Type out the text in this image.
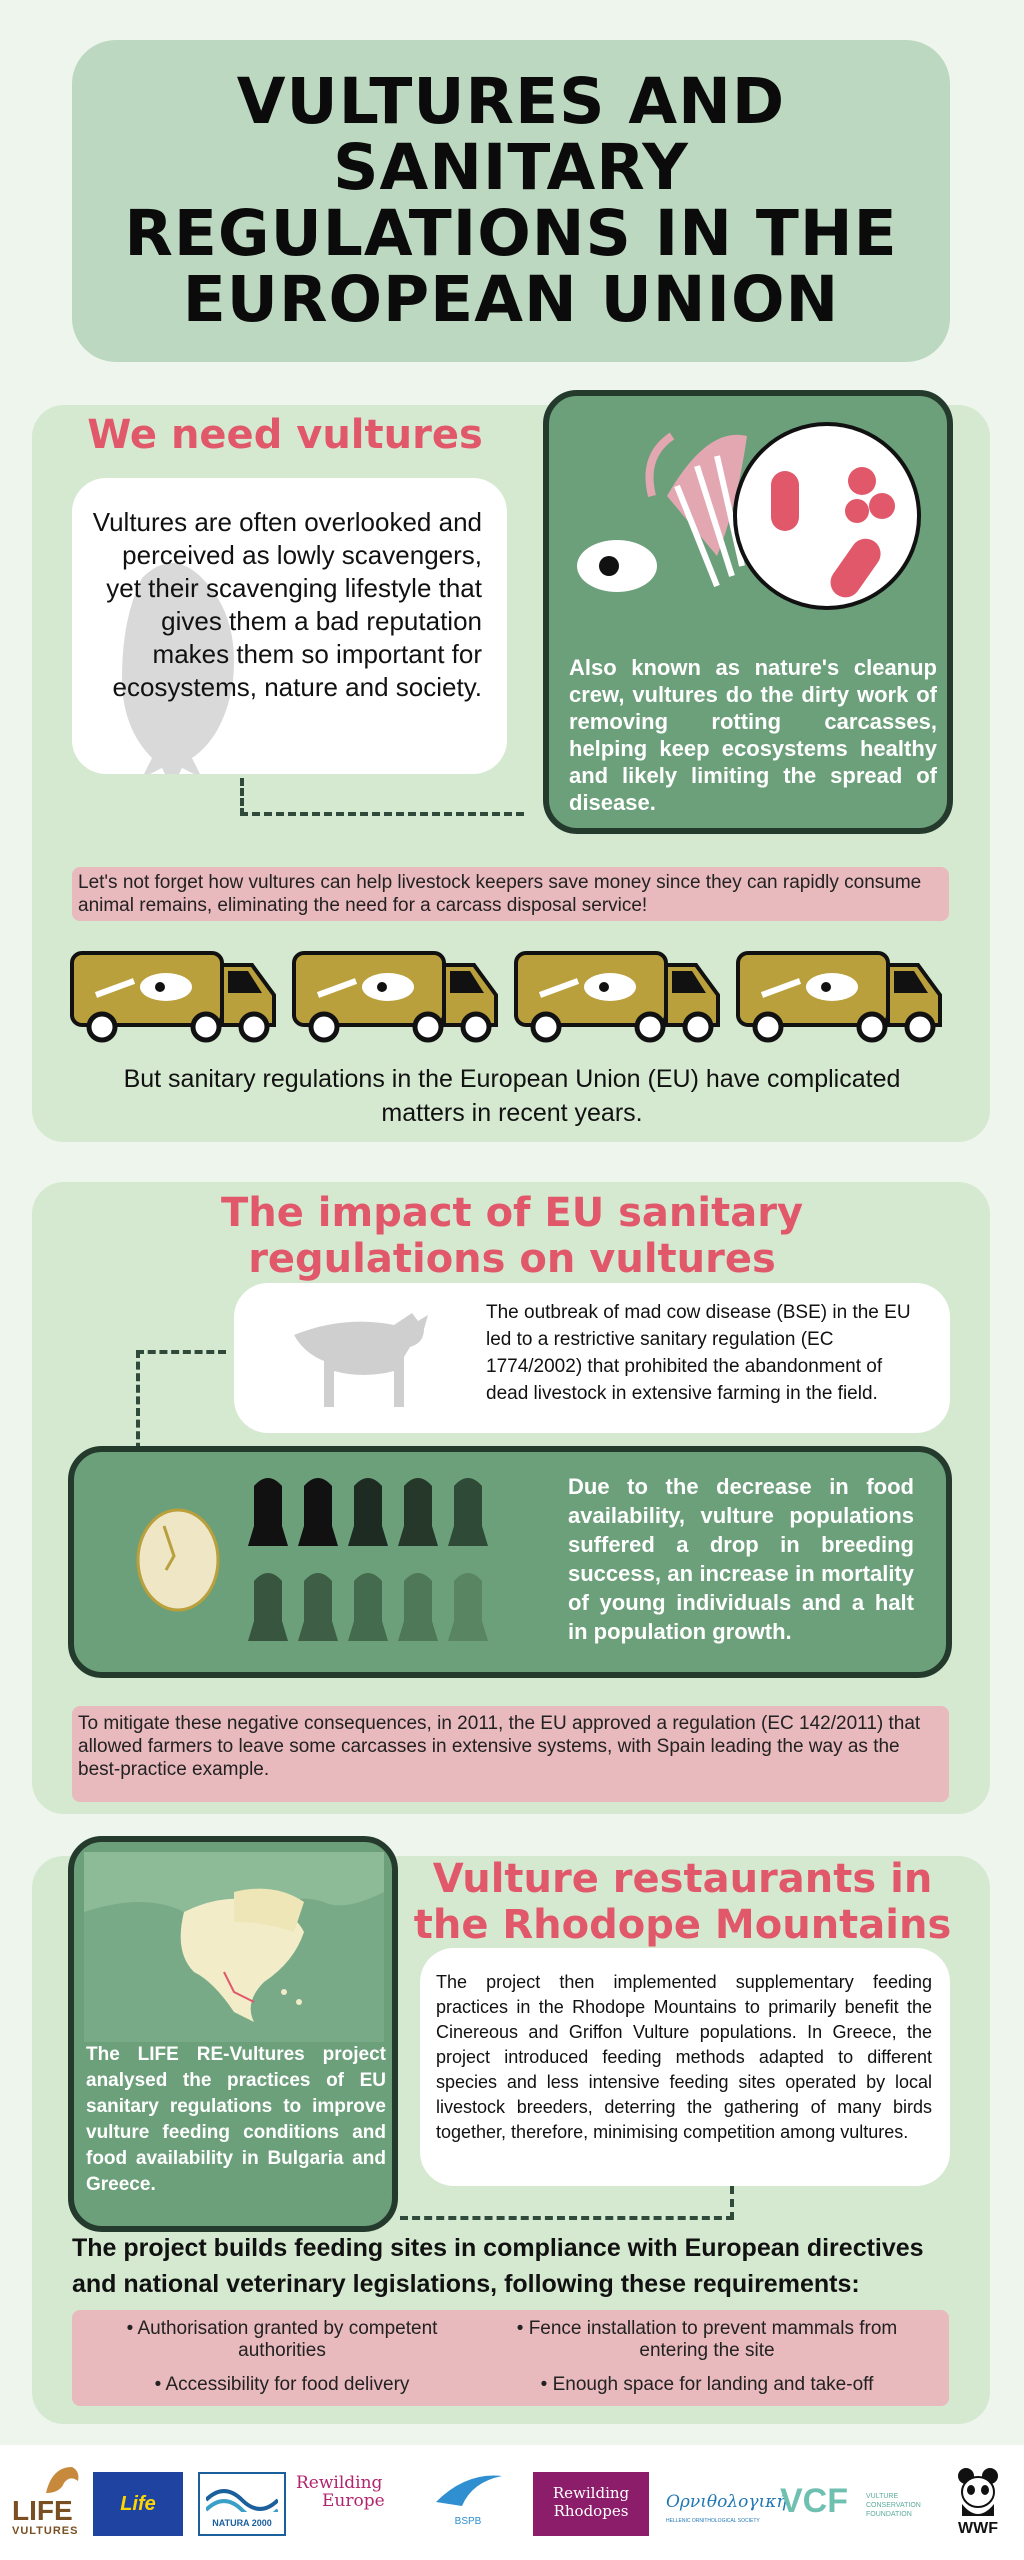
VULTURES AND SANITARY REGULATIONS IN THE EUROPEAN UNION
We need vultures
Vultures are often overlooked and perceived as lowly scavengers, yet their scavenging lifestyle that gives them a bad reputation makes them so important for ecosystems, nature and society.
Also known as nature's cleanup crew, vultures do the dirty work of removing rotting carcasses, helping keep ecosystems healthy and likely limiting the spread of disease.
Let's not forget how vultures can help livestock keepers save money since they can rapidly consume animal remains, eliminating the need for a carcass disposal service!
But sanitary regulations in the European Union (EU) have complicated matters in recent years.
The impact of EU sanitary regulations on vultures
The outbreak of mad cow disease (BSE) in the EU led to a restrictive sanitary regulation (EC 1774/2002) that prohibited the abandonment of dead livestock in extensive farming in the field.
Due to the decrease in food availability, vulture populations suffered a drop in breeding success, an increase in mortality of young individuals and a halt in population growth.
To mitigate these negative consequences, in 2011, the EU approved a regulation (EC 142/2011) that allowed farmers to leave some carcasses in extensive systems, with Spain leading the way as the best-practice example.
The LIFE RE-Vultures project analysed the practices of EU sanitary regulations to improve vulture feeding conditions and food availability in Bulgaria and Greece.
Vulture restaurants in the Rhodope Mountains
The project then implemented supplementary feeding practices in the Rhodope Mountains to primarily benefit the Cinereous and Griffon Vulture populations. In Greece, the project introduced feeding methods adapted to different species and less intensive feeding sites operated by local livestock breeders, deterring the gathering of many birds together, therefore, minimising competition among vultures.
The project builds feeding sites in compliance with European directives and national veterinary legislations, following these requirements:
• Authorisation granted by competent authorities
• Fence installation to prevent mammals from entering the site
• Accessibility for food delivery	• Enough space for landing and take-off
LIFE
VULTURES
Life
NATURA 2000
Rewilding
Europe
BSPB
Rewilding
Rhodopes	Ορνιθολογική
HELLENIC ORNITHOLOGICAL SOCIETY
VCF	VULTURE CONSERVATION FOUNDATION
WWF
